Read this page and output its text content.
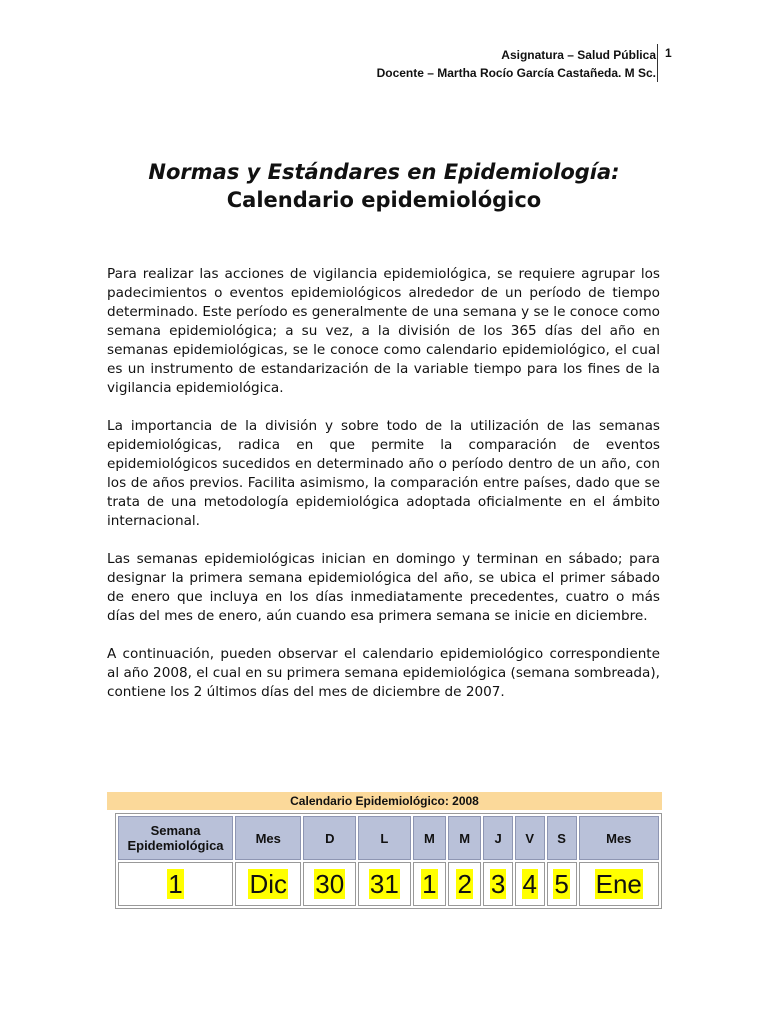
Asignatura – Salud Pública
Docente – Martha Rocío García Castañeda. M Sc.
1
Normas y Estándares en Epidemiología:
Calendario epidemiológico

Para realizar las acciones de vigilancia epidemiológica, se requiere agrupar los padecimientos o eventos epidemiológicos alrededor de un período de tiempo determinado. Este período es generalmente de una semana y se le conoce como semana epidemiológica; a su vez, a la división de los 365 días del año en semanas epidemiológicas, se le conoce como calendario epidemiológico, el cual es un instrumento de estandarización de la variable tiempo para los fines de la vigilancia epidemiológica.

La importancia de la división y sobre todo de la utilización de las semanas epidemiológicas, radica en que permite la comparación de eventos epidemiológicos sucedidos en determinado año o período dentro de un año, con los de años previos. Facilita asimismo, la comparación entre países, dado que se trata de una metodología epidemiológica adoptada oficialmente en el ámbito internacional.

Las semanas epidemiológicas inician en domingo y terminan en sábado; para designar la primera semana epidemiológica del año, se ubica el primer sábado de enero que incluya en los días inmediatamente precedentes, cuatro o más días del mes de enero, aún cuando esa primera semana se inicie en diciembre.

A continuación, pueden observar el calendario epidemiológico correspondiente al año 2008, el cual en su primera semana epidemiológica (semana sombreada), contiene los 2 últimos días del mes de diciembre de 2007.

Calendario Epidemiológico: 2008
Semana Epidemiológica	Mes	D	L	M	M	J	V	S	Mes
1	Dic	30	31	1	2	3	4	5	Ene
